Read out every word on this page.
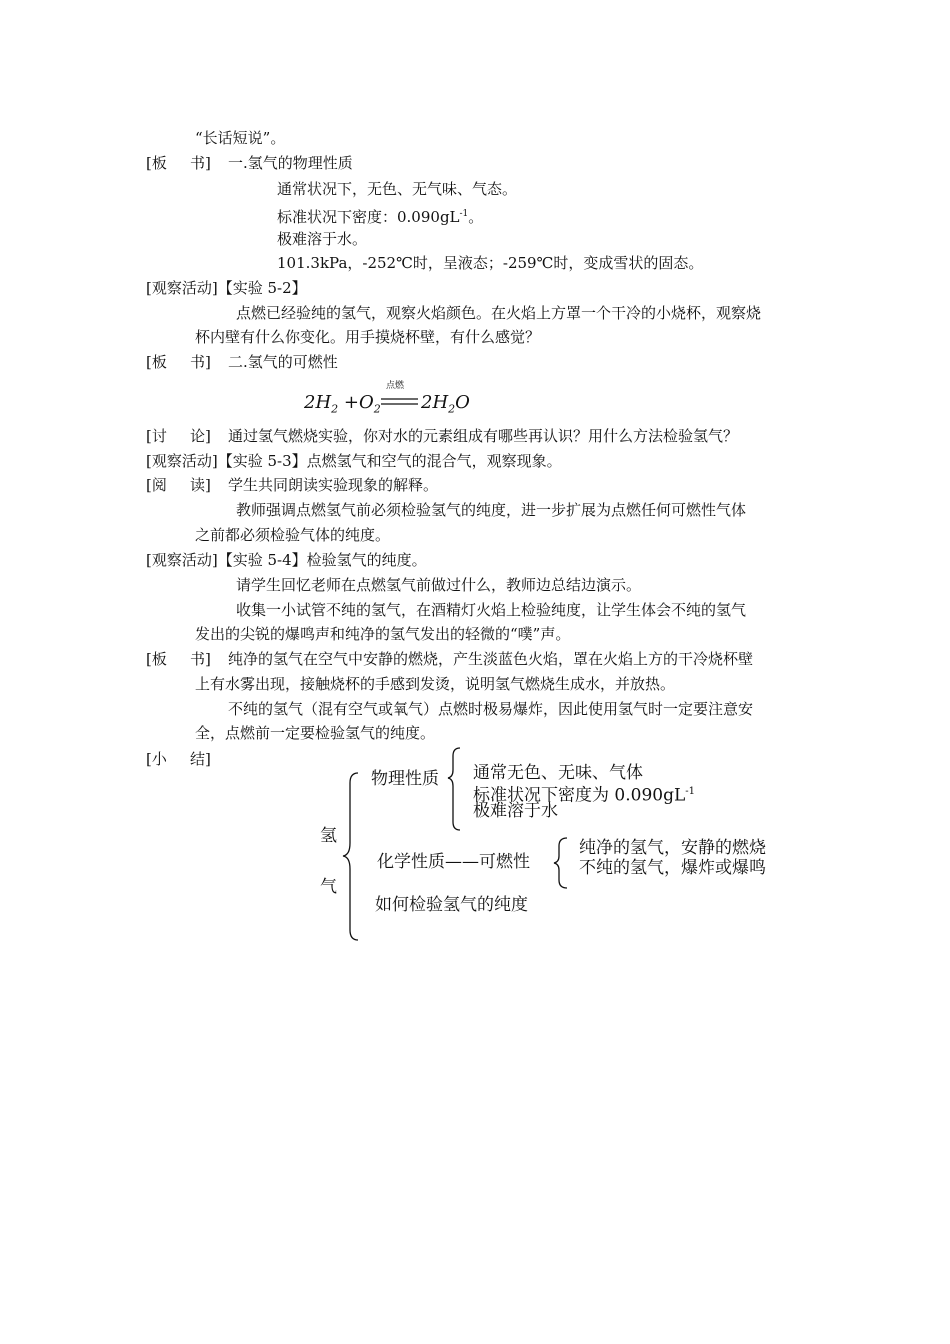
“长话短说”。
[板 书] 一.氢气的物理性质
通常状况下，无色、无气味、气态。
标准状况下密度：$0.090gL^{-1}$。
极难溶于水。
101.3kPa，-252℃时，呈液态；-259℃时，变成雪状的固态。
[观察活动]【实验 5-2】
点燃已经验纯的氢气，观察火焰颜色。在火焰上方罩一个干冷的小烧杯，观察烧
杯内壁有什么你变化。用手摸烧杯壁，有什么感觉？
[板 书] 二.氢气的可燃性
$2H_2 +O_2$
点燃
$2H_2O$
[讨 论] 通过氢气燃烧实验，你对水的元素组成有哪些再认识？用什么方法检验氢气？
[观察活动]【实验 5-3】点燃氢气和空气的混合气，观察现象。
[阅 读] 学生共同朗读实验现象的解释。
教师强调点燃氢气前必须检验氢气的纯度，进一步扩展为点燃任何可燃性气体
之前都必须检验气体的纯度。
[观察活动]【实验 5-4】检验氢气的纯度。
请学生回忆老师在点燃氢气前做过什么，教师边总结边演示。
收集一小试管不纯的氢气，在酒精灯火焰上检验纯度，让学生体会不纯的氢气
发出的尖锐的爆鸣声和纯净的氢气发出的轻微的“噗”声。
[板 书] 纯净的氢气在空气中安静的燃烧，产生淡蓝色火焰，罩在火焰上方的干冷烧杯壁
上有水雾出现，接触烧杯的手感到发烫，说明氢气燃烧生成水，并放热。
不纯的氢气（混有空气或氧气）点燃时极易爆炸，因此使用氢气时一定要注意安
全，点燃前一定要检验氢气的纯度。
[小 结]
物理性质 通常无色、无味、气体
标准状况下密度为 $0.090gL^{-1}$
极难溶于水
氢
气
化学性质——可燃性
纯净的氢气，安静的燃烧
不纯的氢气，爆炸或爆鸣
如何检验氢气的纯度
